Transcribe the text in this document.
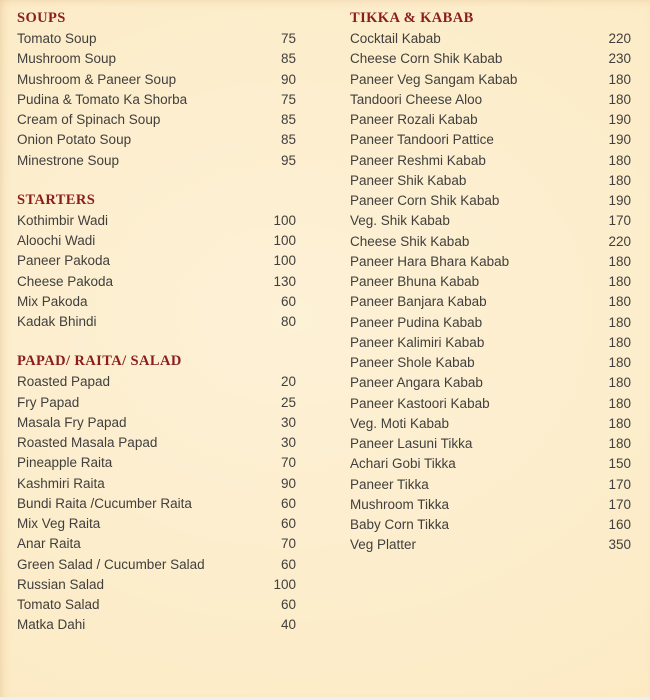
SOUPS
Tomato Soup	75
Mushroom Soup	85
Mushroom & Paneer Soup	90
Pudina & Tomato Ka Shorba	75
Cream of Spinach Soup	85
Onion Potato Soup	85
Minestrone Soup	95
STARTERS
Kothimbir Wadi	100
Aloochi Wadi	100
Paneer Pakoda	100
Cheese Pakoda	130
Mix Pakoda	60
Kadak Bhindi	80
PAPAD/ RAITA/ SALAD
Roasted Papad	20
Fry Papad	25
Masala Fry Papad	30
Roasted Masala Papad	30
Pineapple Raita	70
Kashmiri Raita	90
Bundi Raita /Cucumber Raita	60
Mix Veg Raita	60
Anar Raita	70
Green Salad / Cucumber Salad	60
Russian Salad	100
Tomato Salad	60
Matka Dahi	40
TIKKA & KABAB
Cocktail Kabab	220
Cheese Corn Shik Kabab	230
Paneer Veg Sangam Kabab	180
Tandoori Cheese Aloo	180
Paneer Rozali Kabab	190
Paneer Tandoori Pattice	190
Paneer Reshmi Kabab	180
Paneer Shik Kabab	180
Paneer Corn Shik Kabab	190
Veg. Shik Kabab	170
Cheese Shik Kabab	220
Paneer Hara Bhara Kabab	180
Paneer Bhuna Kabab	180
Paneer Banjara Kabab	180
Paneer Pudina Kabab	180
Paneer Kalimiri Kabab	180
Paneer Shole Kabab	180
Paneer Angara Kabab	180
Paneer Kastoori Kabab	180
Veg. Moti Kabab	180
Paneer Lasuni Tikka	180
Achari Gobi Tikka	150
Paneer Tikka	170
Mushroom Tikka	170
Baby Corn Tikka	160
Veg Platter	350
